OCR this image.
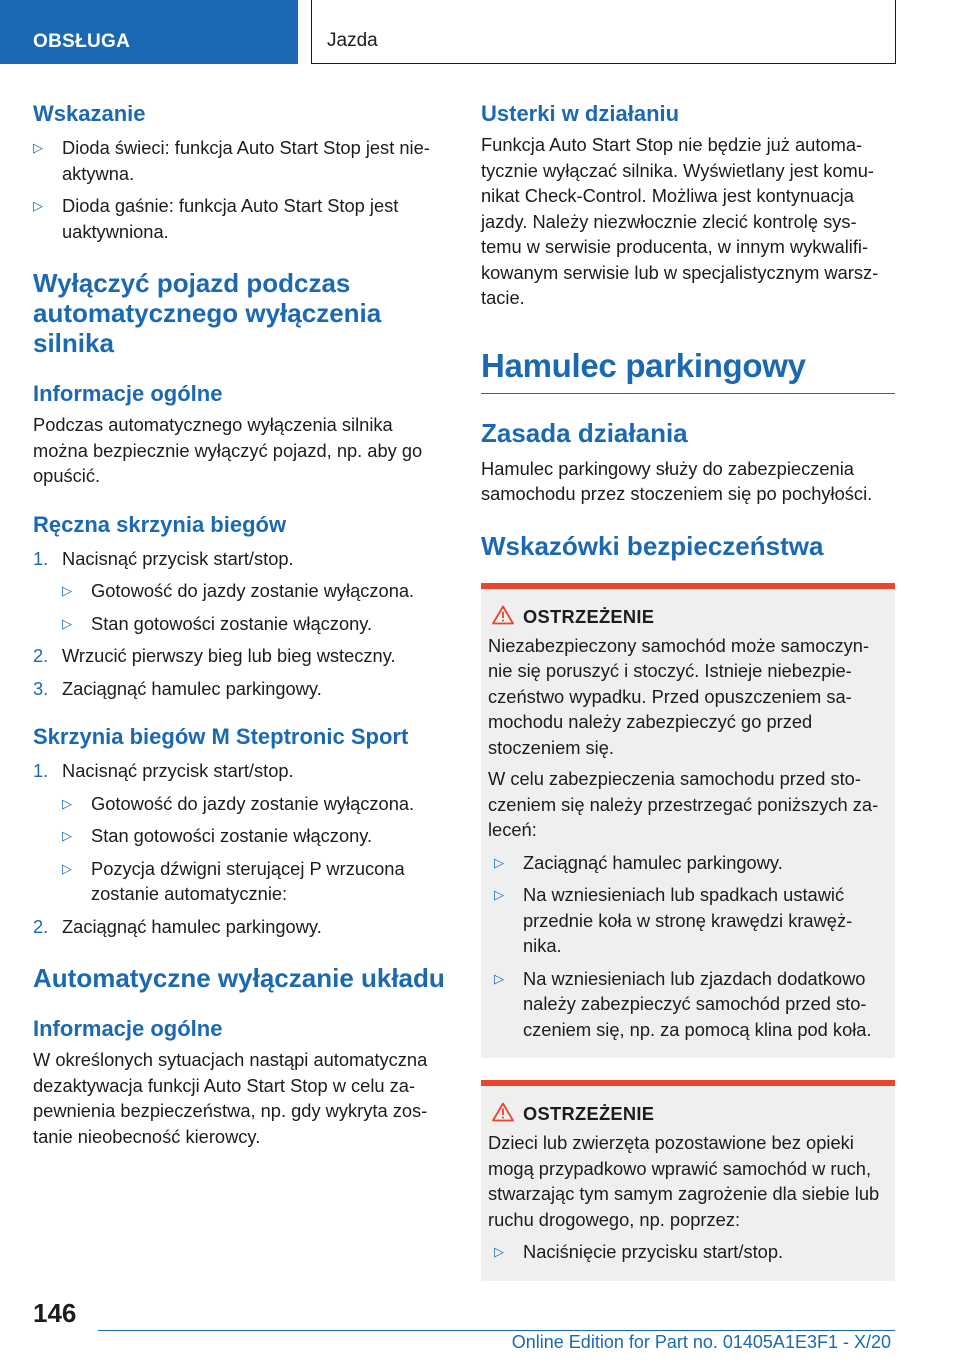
OBSŁUGA	Jazda
Wskazanie
▷	Dioda świeci: funkcja Auto Start Stop jest nie-aktywna.
▷	Dioda gaśnie: funkcja Auto Start Stop jest uaktywniona.
Wyłączyć pojazd podczas automatycznego wyłączenia silnika
Informacje ogólne

Podczas automatycznego wyłączenia silnika można bezpiecznie wyłączyć pojazd, np. aby go opuścić.

Ręczna skrzynia biegów
1. Nacisnąć przycisk start/stop.
▷	Gotowość do jazdy zostanie wyłączona.
▷	Stan gotowości zostanie włączony.
2. Wrzucić pierwszy bieg lub bieg wsteczny.
3. Zaciągnąć hamulec parkingowy.
Skrzynia biegów M Steptronic Sport
1. Nacisnąć przycisk start/stop.
▷	Gotowość do jazdy zostanie wyłączona.
▷	Stan gotowości zostanie włączony.
▷	Pozycja dźwigni sterującej P wrzucona zostanie automatycznie:
2. Zaciągnąć hamulec parkingowy.
Automatyczne wyłączanie układu
Informacje ogólne

W określonych sytuacjach nastąpi automatyczna dezaktywacja funkcji Auto Start Stop w celu za-pewnienia bezpieczeństwa, np. gdy wykryta zos-tanie nieobecność kierowcy.

Usterki w działaniu

Funkcja Auto Start Stop nie będzie już automa-tycznie wyłączać silnika. Wyświetlany jest komu-nikat Check-Control. Możliwa jest kontynuacja jazdy. Należy niezwłocznie zlecić kontrolę sys-temu w serwisie producenta, w innym wykwalifi-kowanym serwisie lub w specjalistycznym warsz-tacie.

Hamulec parkingowy
Zasada działania

Hamulec parkingowy służy do zabezpieczenia samochodu przez stoczeniem się po pochyłości.

Wskazówki bezpieczeństwa
OSTRZEŻENIE

Niezabezpieczony samochód może samoczyn-nie się poruszyć i stoczyć. Istnieje niebezpie-czeństwo wypadku. Przed opuszczeniem sa-mochodu należy zabezpieczyć go przed stoczeniem się.

W celu zabezpieczenia samochodu przed sto-czeniem się należy przestrzegać poniższych za-leceń:

▷	Zaciągnąć hamulec parkingowy.
▷	Na wzniesieniach lub spadkach ustawić przednie koła w stronę krawędzi krawęż-nika.
▷	Na wzniesieniach lub zjazdach dodatkowo należy zabezpieczyć samochód przed sto-czeniem się, np. za pomocą klina pod koła.
OSTRZEŻENIE

Dzieci lub zwierzęta pozostawione bez opieki mogą przypadkowo wprawić samochód w ruch, stwarzając tym samym zagrożenie dla siebie lub ruchu drogowego, np. poprzez:

▷	Naciśnięcie przycisku start/stop.
146
Online Edition for Part no. 01405A1E3F1 - X/20
